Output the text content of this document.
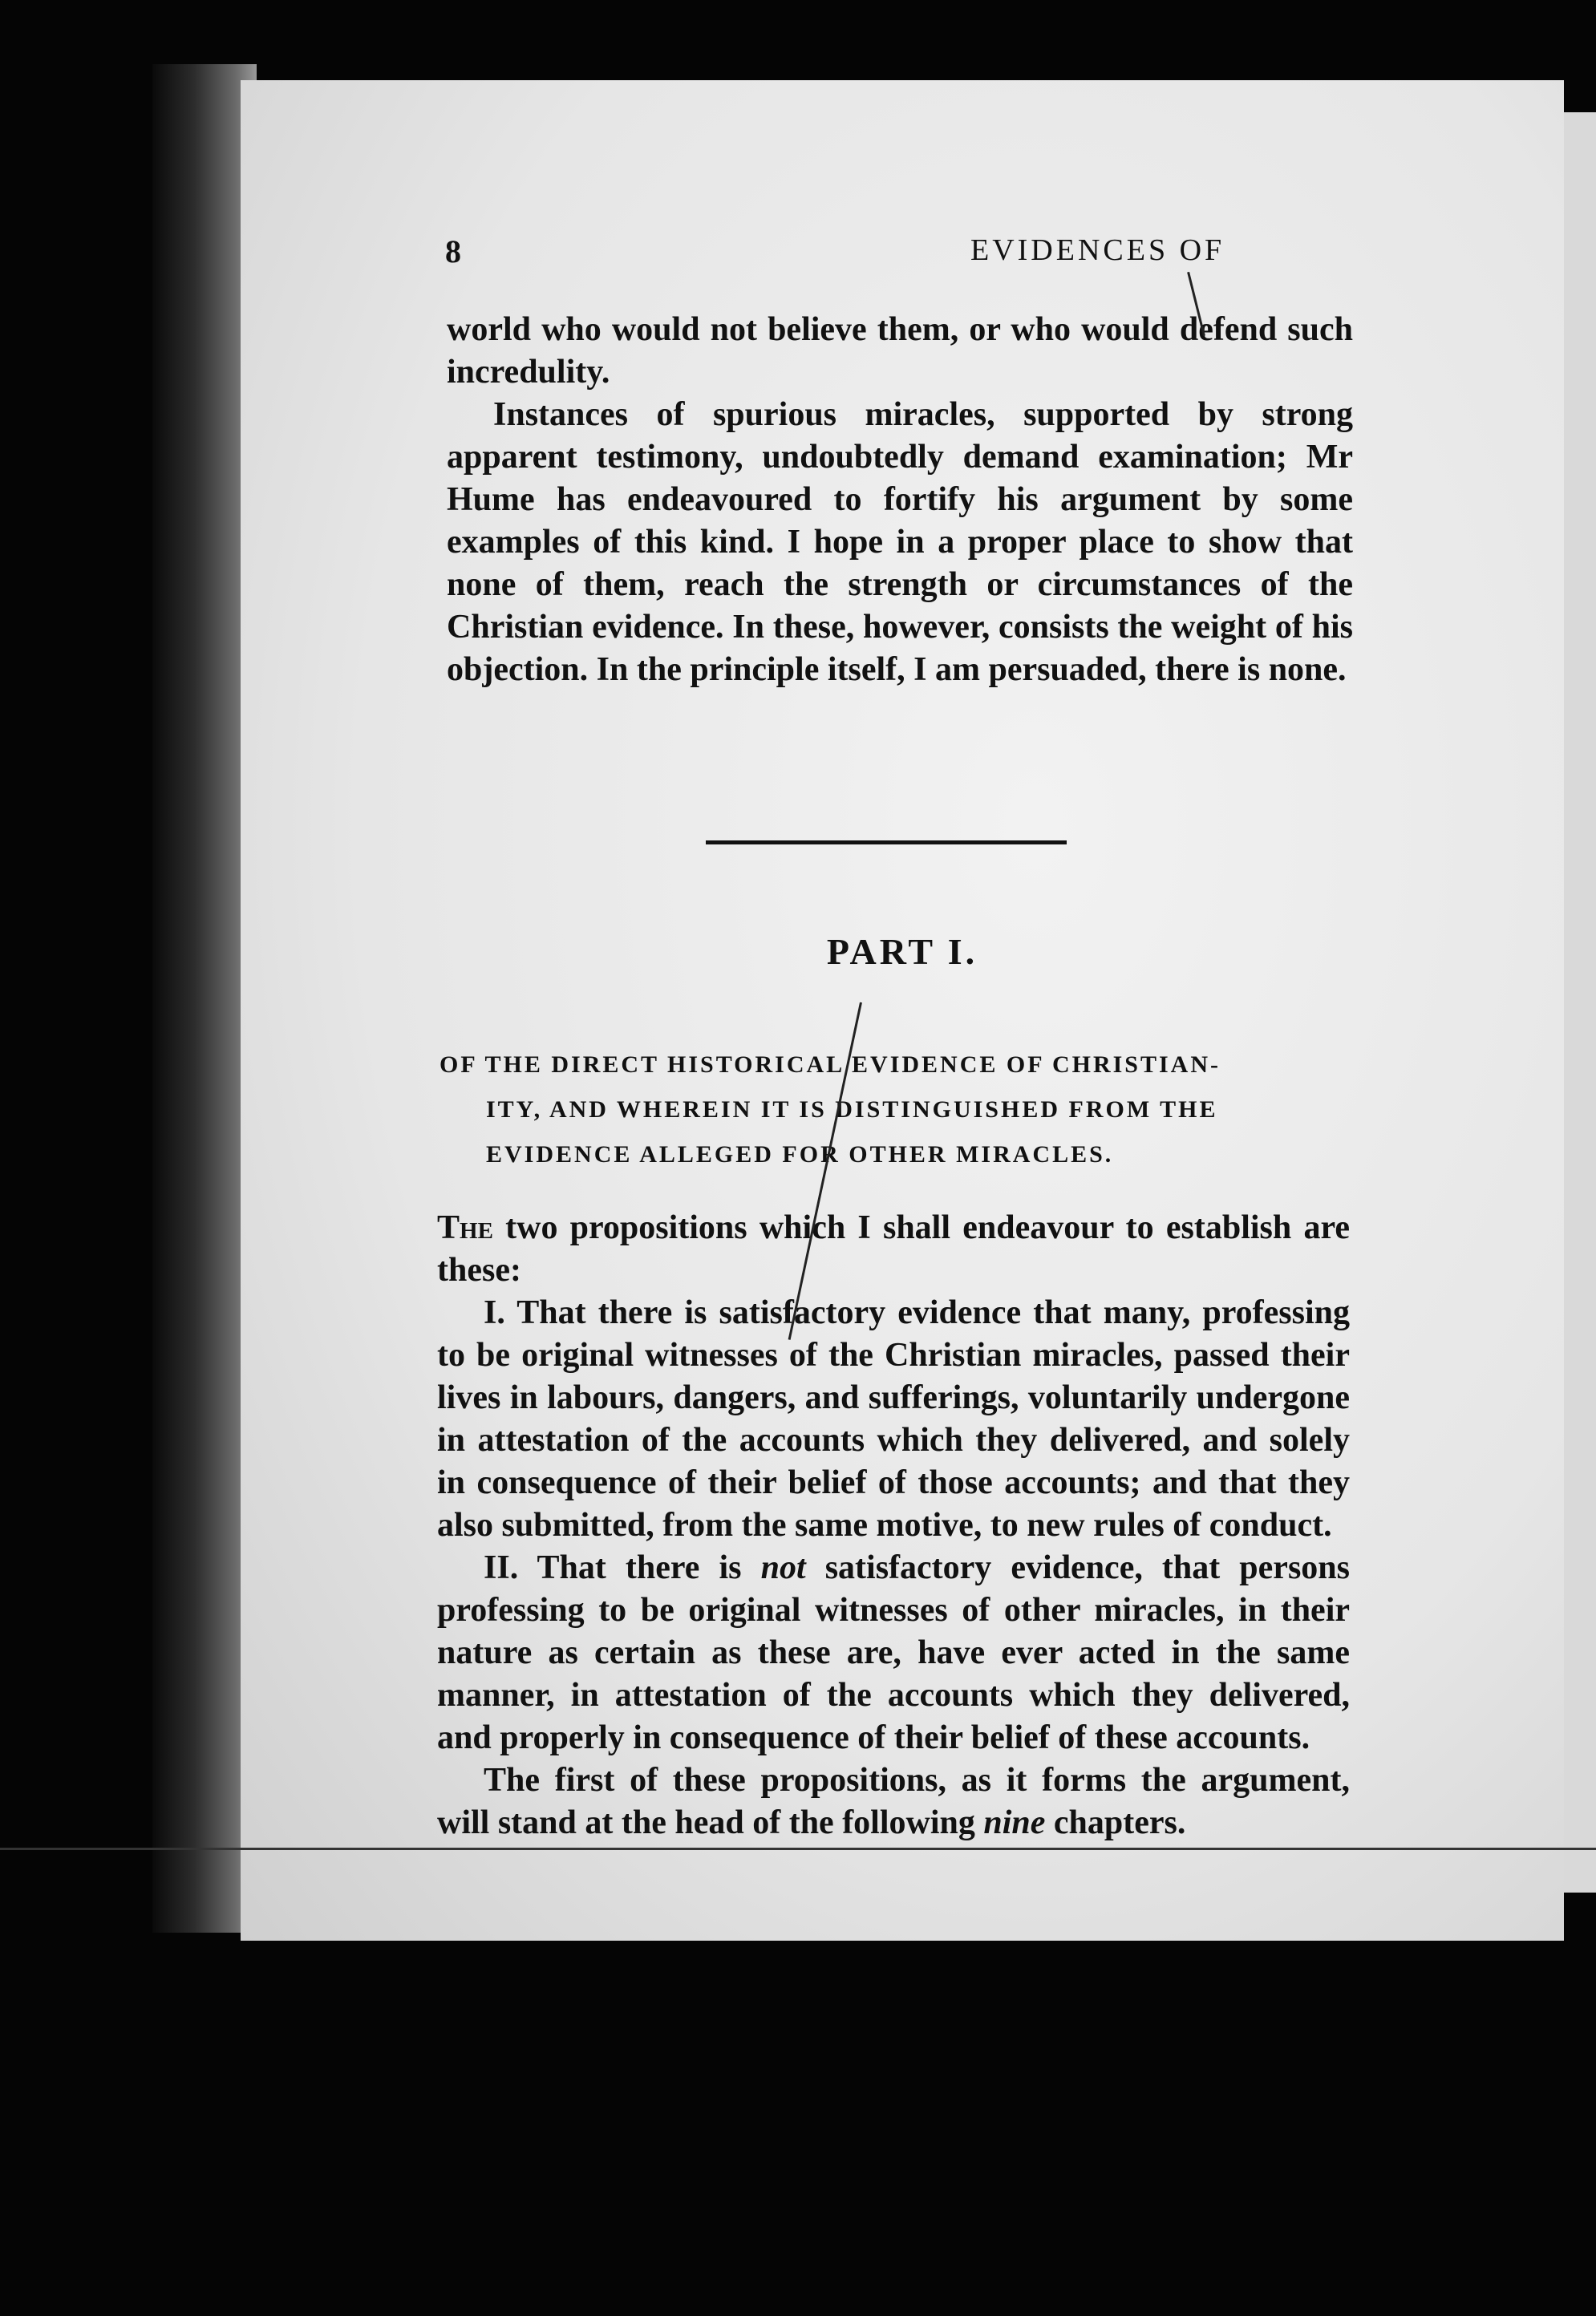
8	EVIDENCES OF

world who would not believe them, or who would defend such incredulity.

Instances of spurious miracles, supported by strong apparent testimony, undoubtedly demand examination; Mr Hume has endeavoured to fortify his argument by some examples of this kind. I hope in a proper place to show that none of them, reach the strength or circumstances of the Christian evidence. In these, however, consists the weight of his objection. In the principle itself, I am persuaded, there is none.

PART I.
OF THE DIRECT HISTORICAL EVIDENCE OF CHRISTIAN-
ITY, AND WHEREIN IT IS DISTINGUISHED FROM THE
EVIDENCE ALLEGED FOR OTHER MIRACLES.

The two propositions which I shall endeavour to establish are these:

I. That there is satisfactory evidence that many, professing to be original witnesses of the Christian miracles, passed their lives in labours, dangers, and sufferings, voluntarily undergone in attestation of the accounts which they delivered, and solely in consequence of their belief of those accounts; and that they also submitted, from the same motive, to new rules of conduct.

II. That there is not satisfactory evidence, that persons professing to be original witnesses of other miracles, in their nature as certain as these are, have ever acted in the same manner, in attestation of the accounts which they delivered, and properly in consequence of their belief of these accounts.

The first of these propositions, as it forms the argument, will stand at the head of the following nine chapters.
